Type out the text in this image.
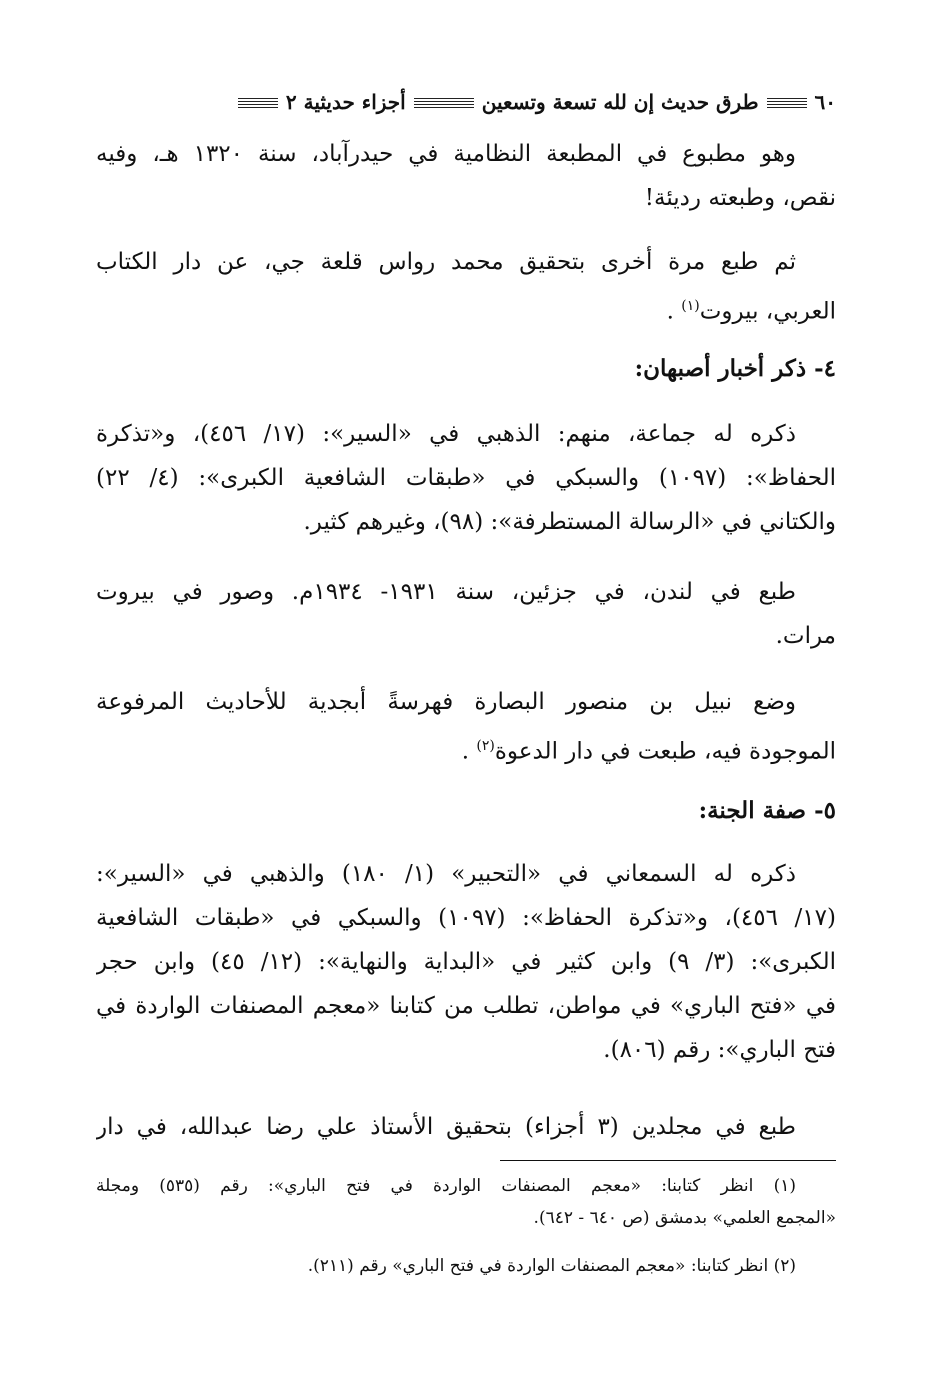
٦٠
طرق حديث إن لله تسعة وتسعين
أجزاء حديثية ٢
وهو مطبوع في المطبعة النظامية في حيدرآباد، سنة ١٣٢٠ هـ، وفيه
نقص، وطبعته رديئة!
ثم طبع مرة أخرى بتحقيق محمد رواس قلعة جي، عن دار الكتاب
العربي، بيروت$^{(١)}$ .
٤- ذكر أخبار أصبهان:
ذكره له جماعة، منهم: الذهبي في «السير»: (١٧/ ٤٥٦)، و«تذكرة
الحفاظ»: (١٠٩٧) والسبكي في «طبقات الشافعية الكبرى»: (٤/ ٢٢)
والكتاني في «الرسالة المستطرفة»: (٩٨)، وغيرهم كثير.
طبع في لندن، في جزئين، سنة ١٩٣١- ١٩٣٤م. وصور في بيروت
مرات.
وضع نبيل بن منصور البصارة فهرسةً أبجدية للأحاديث المرفوعة
الموجودة فيه، طبعت في دار الدعوة$^{(٢)}$ .
٥- صفة الجنة:
ذكره له السمعاني في «التحبير» (١/ ١٨٠) والذهبي في «السير»:
(١٧/ ٤٥٦)، و«تذكرة الحفاظ»: (١٠٩٧) والسبكي في «طبقات الشافعية
الكبرى»: (٣/ ٩) وابن كثير في «البداية والنهاية»: (١٢/ ٤٥) وابن حجر
في «فتح الباري» في مواطن، تطلب من كتابنا «معجم المصنفات الواردة في
فتح الباري»: رقم (٨٠٦).
طبع في مجلدين (٣ أجزاء) بتحقيق الأستاذ علي رضا عبدالله، في دار
(١) انظر كتابنا: «معجم المصنفات الواردة في فتح الباري»: رقم (٥٣٥) ومجلة
«المجمع العلمي» بدمشق (ص ٦٤٠ - ٦٤٢).
(٢) انظر كتابنا: «معجم المصنفات الواردة في فتح الباري» رقم (٢١١).
